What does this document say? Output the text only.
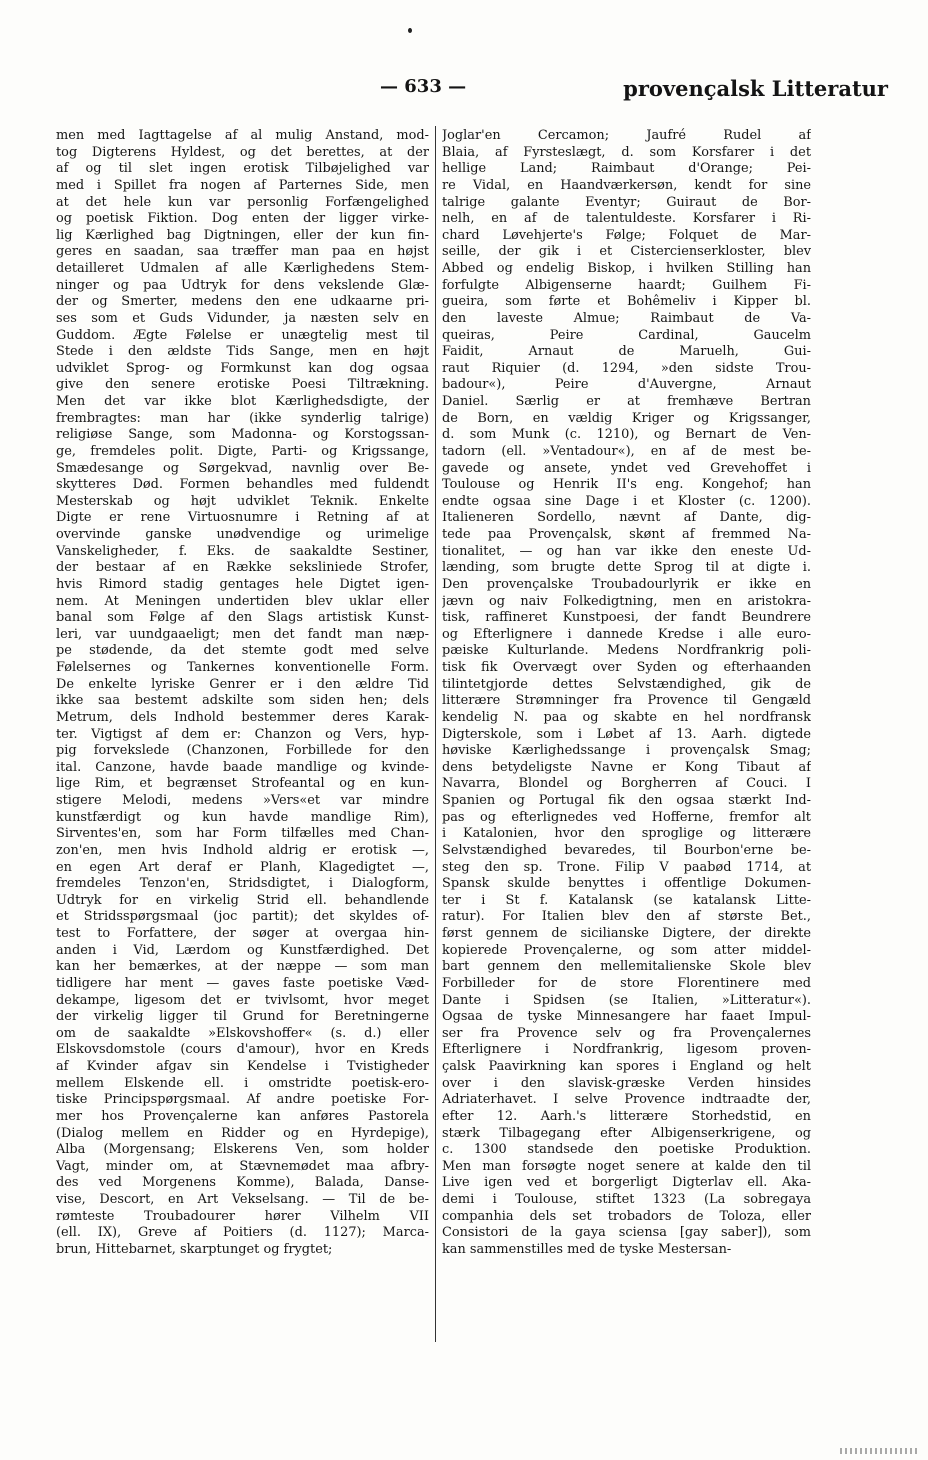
— 633 —	provençalsk Litteratur
men med Iagttagelse af al mulig Anstand, mod-
tog Digterens Hyldest, og det berettes, at der
af og til slet ingen erotisk Tilbøjelighed var
med i Spillet fra nogen af Parternes Side, men
at det hele kun var personlig Forfængelighed
og poetisk Fiktion. Dog enten der ligger virke-
lig Kærlighed bag Digtningen, eller der kun fin-
geres en saadan, saa træffer man paa en højst
detailleret Udmalen af alle Kærlighedens Stem-
ninger og paa Udtryk for dens vekslende Glæ-
der og Smerter, medens den ene udkaarne pri-
ses som et Guds Vidunder, ja næsten selv en
Guddom. Ægte Følelse er unægtelig mest til
Stede i den ældste Tids Sange, men en højt
udviklet Sprog- og Formkunst kan dog ogsaa
give den senere erotiske Poesi Tiltrækning.
Men det var ikke blot Kærlighedsdigte, der
frembragtes: man har (ikke synderlig talrige)
religiøse Sange, som Madonna- og Korstogssan-
ge, fremdeles polit. Digte, Parti- og Krigssange,
Smædesange og Sørgekvad, navnlig over Be-
skytteres Død. Formen behandles med fuldendt
Mesterskab og højt udviklet Teknik. Enkelte
Digte er rene Virtuosnumre i Retning af at
overvinde ganske unødvendige og urimelige
Vanskeligheder, f. Eks. de saakaldte Sestiner,
der bestaar af en Række seksliniede Strofer,
hvis Rimord stadig gentages hele Digtet igen-
nem. At Meningen undertiden blev uklar eller
banal som Følge af den Slags artistisk Kunst-
leri, var uundgaaeligt; men det fandt man næp-
pe stødende, da det stemte godt med selve
Følelsernes og Tankernes konventionelle Form.
De enkelte lyriske Genrer er i den ældre Tid
ikke saa bestemt adskilte som siden hen; dels
Metrum, dels Indhold bestemmer deres Karak-
ter. Vigtigst af dem er: Chanzon og Vers, hyp-
pig forvekslede (Chanzonen, Forbillede for den
ital. Canzone, havde baade mandlige og kvinde-
lige Rim, et begrænset Strofeantal og en kun-
stigere Melodi, medens »Vers«et var mindre
kunstfærdigt og kun havde mandlige Rim),
Sirventes'en, som har Form tilfælles med Chan-
zon'en, men hvis Indhold aldrig er erotisk —,
en egen Art deraf er Planh, Klagedigtet —,
fremdeles Tenzon'en, Stridsdigtet, i Dialogform,
Udtryk for en virkelig Strid ell. behandlende
et Stridsspørgsmaal (joc partit); det skyldes of-
test to Forfattere, der søger at overgaa hin-
anden i Vid, Lærdom og Kunstfærdighed. Det
kan her bemærkes, at der næppe — som man
tidligere har ment — gaves faste poetiske Væd-
dekampe, ligesom det er tvivlsomt, hvor meget
der virkelig ligger til Grund for Beretningerne
om de saakaldte »Elskovshoffer« (s. d.) eller
Elskovsdomstole (cours d'amour), hvor en Kreds
af Kvinder afgav sin Kendelse i Tvistigheder
mellem Elskende ell. i omstridte poetisk-ero-
tiske Principspørgsmaal. Af andre poetiske For-
mer hos Provençalerne kan anføres Pastorela
(Dialog mellem en Ridder og en Hyrdepige),
Alba (Morgensang; Elskerens Ven, som holder
Vagt, minder om, at Stævnemødet maa afbry-
des ved Morgenens Komme), Balada, Danse-
vise, Descort, en Art Vekselsang. — Til de be-
rømteste Troubadourer hører Vilhelm VII
(ell. IX), Greve af Poitiers (d. 1127); Marca-
brun, Hittebarnet, skarptunget og frygtet;
Joglar'en Cercamon; Jaufré Rudel af
Blaia, af Fyrsteslægt, d. som Korsfarer i det
hellige Land; Raimbaut d'Orange; Pei-
re Vidal, en Haandværkersøn, kendt for sine
talrige galante Eventyr; Guiraut de Bor-
nelh, en af de talentuldeste. Korsfarer i Ri-
chard Løvehjerte's Følge; Folquet de Mar-
seille, der gik i et Cistercienserkloster, blev
Abbed og endelig Biskop, i hvilken Stilling han
forfulgte Albigenserne haardt; Guilhem Fi-
gueira, som førte et Bohêmeliv i Kipper bl.
den laveste Almue; Raimbaut de Va-
queiras, Peire Cardinal, Gaucelm
Faidit, Arnaut de Maruelh, Gui-
raut Riquier (d. 1294, »den sidste Trou-
badour«), Peire d'Auvergne, Arnaut
Daniel. Særlig er at fremhæve Bertran
de Born, en vældig Kriger og Krigssanger,
d. som Munk (c. 1210), og Bernart de Ven-
tadorn (ell. »Ventadour«), en af de mest be-
gavede og ansete, yndet ved Grevehoffet i
Toulouse og Henrik II's eng. Kongehof; han
endte ogsaa sine Dage i et Kloster (c. 1200).
Italieneren Sordello, nævnt af Dante, dig-
tede paa Provençalsk, skønt af fremmed Na-
tionalitet, — og han var ikke den eneste Ud-
lænding, som brugte dette Sprog til at digte i.
Den provençalske Troubadourlyrik er ikke en
jævn og naiv Folkedigtning, men en aristokra-
tisk, raffineret Kunstpoesi, der fandt Beundrere
og Efterlignere i dannede Kredse i alle euro-
pæiske Kulturlande. Medens Nordfrankrig poli-
tisk fik Overvægt over Syden og efterhaanden
tilintetgjorde dettes Selvstændighed, gik de
litterære Strømninger fra Provence til Gengæld
kendelig N. paa og skabte en hel nordfransk
Digterskole, som i Løbet af 13. Aarh. digtede
høviske Kærlighedssange i provençalsk Smag;
dens betydeligste Navne er Kong Tibaut af
Navarra, Blondel og Borgherren af Couci. I
Spanien og Portugal fik den ogsaa stærkt Ind-
pas og efterlignedes ved Hofferne, fremfor alt
i Katalonien, hvor den sproglige og litterære
Selvstændighed bevaredes, til Bourbon'erne be-
steg den sp. Trone. Filip V paabød 1714, at
Spansk skulde benyttes i offentlige Dokumen-
ter i St f. Katalansk (se katalansk Litte-
ratur). For Italien blev den af største Bet.,
først gennem de sicilianske Digtere, der direkte
kopierede Provençalerne, og som atter middel-
bart gennem den mellemitalienske Skole blev
Forbilleder for de store Florentinere med
Dante i Spidsen (se Italien, »Litteratur«).
Ogsaa de tyske Minnesangere har faaet Impul-
ser fra Provence selv og fra Provençalernes
Efterlignere i Nordfrankrig, ligesom proven-
çalsk Paavirkning kan spores i England og helt
over i den slavisk-græske Verden hinsides
Adriaterhavet. I selve Provence indtraadte der,
efter 12. Aarh.'s litterære Storhedstid, en
stærk Tilbagegang efter Albigenserkrigene, og
c. 1300 standsede den poetiske Produktion.
Men man forsøgte noget senere at kalde den til
Live igen ved et borgerligt Digterlav ell. Aka-
demi i Toulouse, stiftet 1323 (La sobregaya
companhia dels set trobadors de Toloza, eller
Consistori de la gaya sciensa [gay saber]), som
kan sammenstilles med de tyske Mestersan-
